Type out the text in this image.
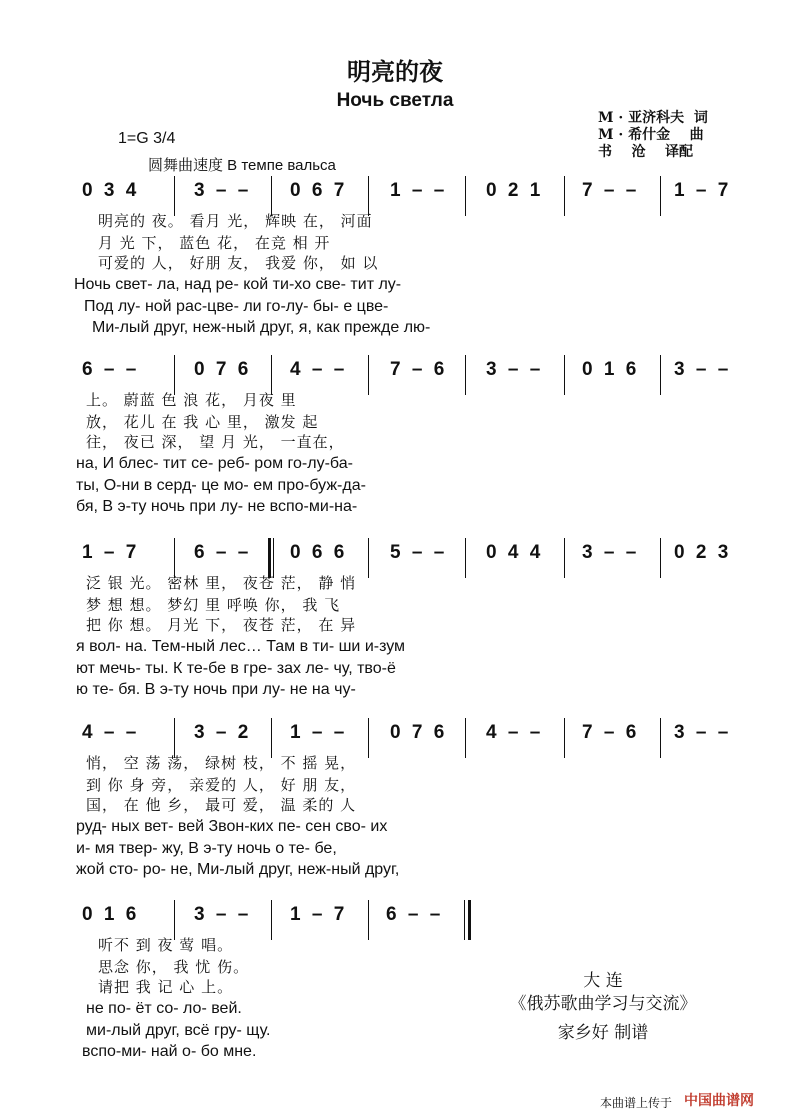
明亮的夜
Ночь светла
М · 亚济科夫  词
М · 希什金    曲
书    沧    译配
1=G 3/4
圆舞曲速度 В темпе вальса
0 3 4	3 – – 0 6 7 1 – – 0 2 1 7 – – 1 – 7
明亮的 夜。 看月 光， 辉映 在， 河面
月 光 下， 蓝色 花， 在竞 相 开
可爱的 人， 好朋 友， 我爱 你， 如 以
Ночь свет- ла, над ре- кой ти-хо све- тит лу-
Под лу- ной рас-цве- ли го-лу- бы- е цве-
Ми-лый друг, неж-ный друг, я, как прежде лю-
6 – –	0 7 6 4 – – 7 – 6 3 – – 0 1 6 3 – –
上。 蔚蓝 色 浪 花， 月夜 里
放， 花儿 在 我 心 里， 激发 起
往， 夜已 深， 望 月 光， 一直在，
на, И блес- тит се- реб- ром го-лу-ба-
ты, О-ни в серд- це мо- ем про-буж-да-
бя, В э-ту ночь при лу- не вспо-ми-на-
1 – 7	6 – – 0 6 6 5 – – 0 4 4 3 – – 0 2 3
泛 银 光。 密林 里， 夜苍 茫， 静 悄
梦 想 想。 梦幻 里 呼唤 你， 我 飞
把 你 想。 月光 下， 夜苍 茫， 在 异
я вол- на. Тем-ный лес… Там в ти- ши и-зум
ют мечь- ты. К те-бе в гре- зах ле- чу, тво-ё
ю те- бя. В э-ту ночь при лу- не на чу-
4 – –	3 – 2 1 – – 0 7 6 4 – – 7 – 6 3 – –
悄， 空 荡 荡， 绿树 枝， 不 摇 晃，
到 你 身 旁， 亲爱的 人， 好 朋 友，
国， 在 他 乡， 最可 爱， 温 柔的 人
руд- ных вет- вей Звон-ких пе- сен сво- их
и- мя твер- жу, В э-ту ночь о те- бе,
жой сто- ро- не, Ми-лый друг, неж-ный друг,
0 1 6	3 – – 1 – 7 6 – –
听不 到 夜 莺 唱。
思念 你， 我 忧 伤。
请把 我 记 心 上。
не по- ёт со- ло- вей.
ми-лый друг, всё гру- щу.
вспо-ми- най о- бо мне.
大 连
《俄苏歌曲学习与交流》
家乡好 制谱
本曲谱上传于 中国曲谱网
